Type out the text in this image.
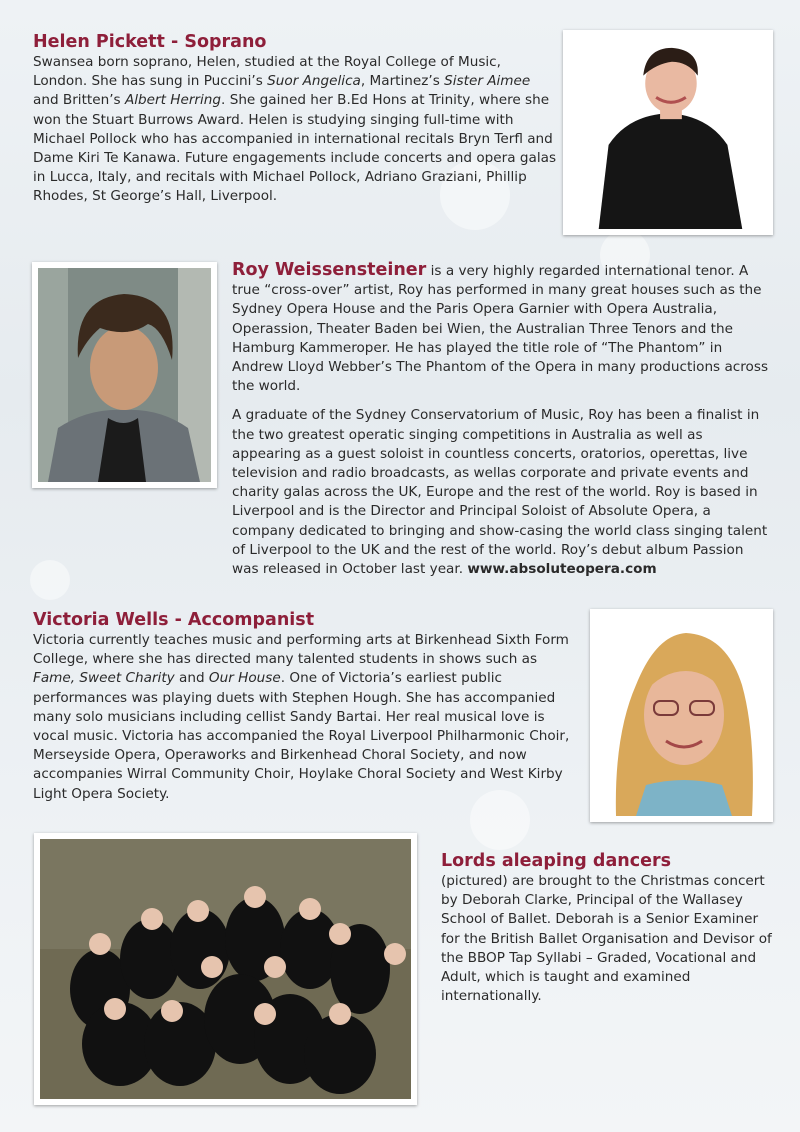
Helen Pickett - Soprano

Swansea born soprano, Helen, studied at the Royal College of Music, London. She has sung in Puccini’s Suor Angelica, Martinez’s Sister Aimee and Britten’s Albert Herring. She gained her B.Ed Hons at Trinity, where she won the Stuart Burrows Award. Helen is studying singing full-time with Michael Pollock who has accompanied in international recitals Bryn Terfl and Dame Kiri Te Kanawa. Future engagements include concerts and opera galas in Lucca, Italy, and recitals with Michael Pollock, Adriano Graziani, Phillip Rhodes, St George’s Hall, Liverpool.

Roy Weissensteiner is a very highly regarded international tenor. A true “cross-over” artist, Roy has performed in many great houses such as the Sydney Opera House and the Paris Opera Garnier with Opera Australia, Operassion, Theater Baden bei Wien, the Australian Three Tenors and the Hamburg Kammeroper. He has played the title role of “The Phantom” in Andrew Lloyd Webber’s The Phantom of the Opera in many productions across the world.

A graduate of the Sydney Conservatorium of Music, Roy has been a finalist in the two greatest operatic singing competitions in Australia as well as appearing as a guest soloist in countless concerts, oratorios, operettas, live television and radio broadcasts, as wellas corporate and private events and charity galas across the UK, Europe and the rest of the world. Roy is based in Liverpool and is the Director and Principal Soloist of Absolute Opera, a company dedicated to bringing and show-casing the world class singing talent of Liverpool to the UK and the rest of the world. Roy’s debut album Passion was released in October last year. www.absoluteopera.com

Victoria Wells - Accompanist

Victoria currently teaches music and performing arts at Birkenhead Sixth Form College, where she has directed many talented students in shows such as Fame, Sweet Charity and Our House. One of Victoria’s earliest public performances was playing duets with Stephen Hough. She has accompanied many solo musicians including cellist Sandy Bartai. Her real musical love is vocal music. Victoria has accompanied the Royal Liverpool Philharmonic Choir, Merseyside Opera, Operaworks and Birkenhead Choral Society, and now accompanies Wirral Community Choir, Hoylake Choral Society and West Kirby Light Opera Society.

Lords aleaping dancers

(pictured) are brought to the Christmas concert by Deborah Clarke, Principal of the Wallasey School of Ballet. Deborah is a Senior Examiner for the British Ballet Organisation and Devisor of the BBOP Tap Syllabi – Graded, Vocational and Adult, which is taught and examined internationally.
